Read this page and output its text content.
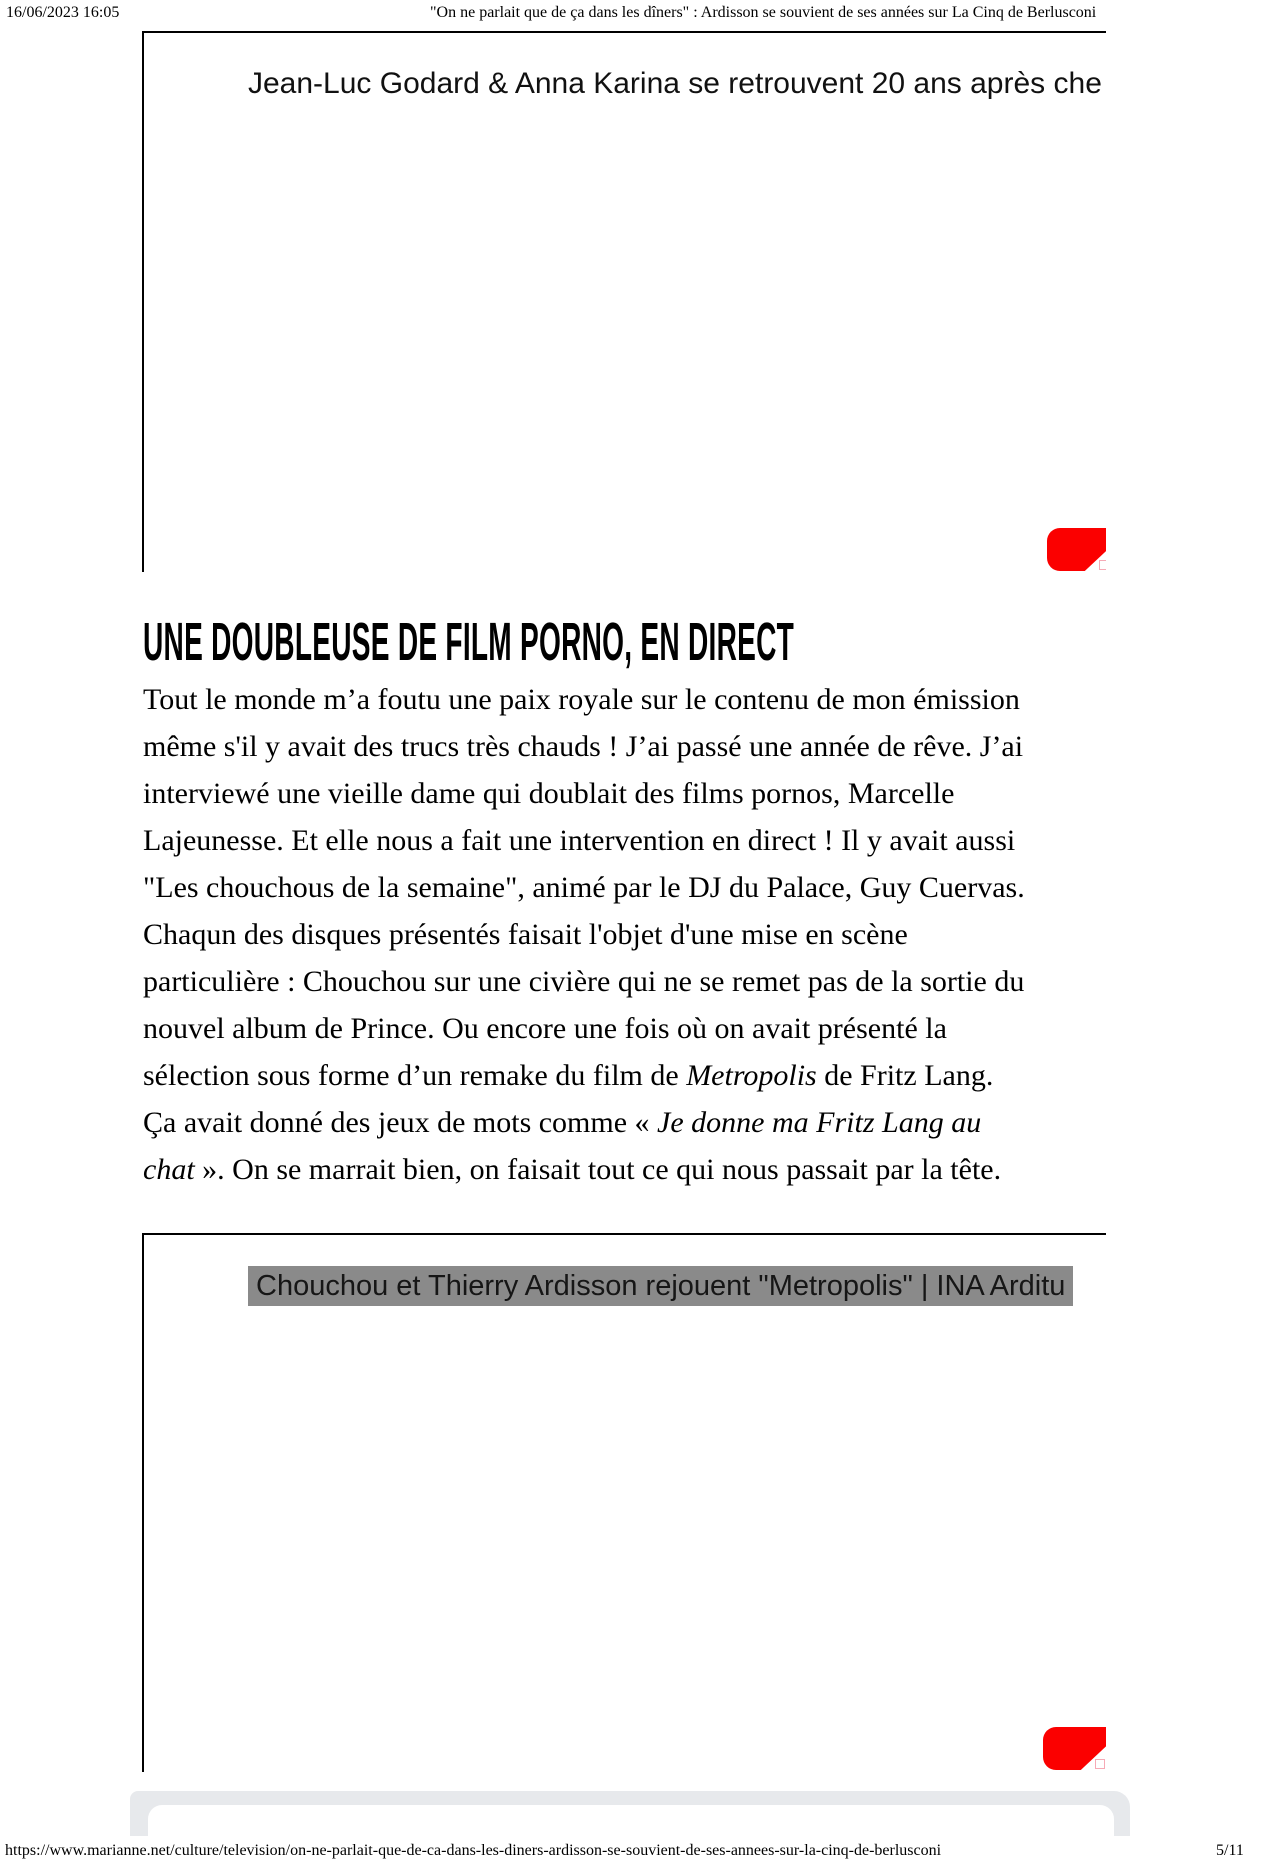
16/06/2023 16:05	"On ne parlait que de ça dans les dîners" : Ardisson se souvient de ses années sur La Cinq de Berlusconi
Jean-Luc Godard & Anna Karina se retrouvent 20 ans après che
UNE DOUBLEUSE DE FILM PORNO, EN DIRECT
Tout le monde m’a foutu une paix royale sur le contenu de mon émission
même s'il y avait des trucs très chauds ! J’ai passé une année de rêve. J’ai
interviewé une vieille dame qui doublait des films pornos, Marcelle
Lajeunesse. Et elle nous a fait une intervention en direct ! Il y avait aussi
"Les chouchous de la semaine", animé par le DJ du Palace, Guy Cuervas.
Chaqun des disques présentés faisait l'objet d'une mise en scène
particulière : Chouchou sur une civière qui ne se remet pas de la sortie du
nouvel album de Prince. Ou encore une fois où on avait présenté la
sélection sous forme d’un remake du film de Metropolis de Fritz Lang.
Ça avait donné des jeux de mots comme « Je donne ma Fritz Lang au
chat ». On se marrait bien, on faisait tout ce qui nous passait par la tête.
Chouchou et Thierry Ardisson rejouent "Metropolis" | INA Arditu
https://www.marianne.net/culture/television/on-ne-parlait-que-de-ca-dans-les-diners-ardisson-se-souvient-de-ses-annees-sur-la-cinq-de-berlusconi	5/11
